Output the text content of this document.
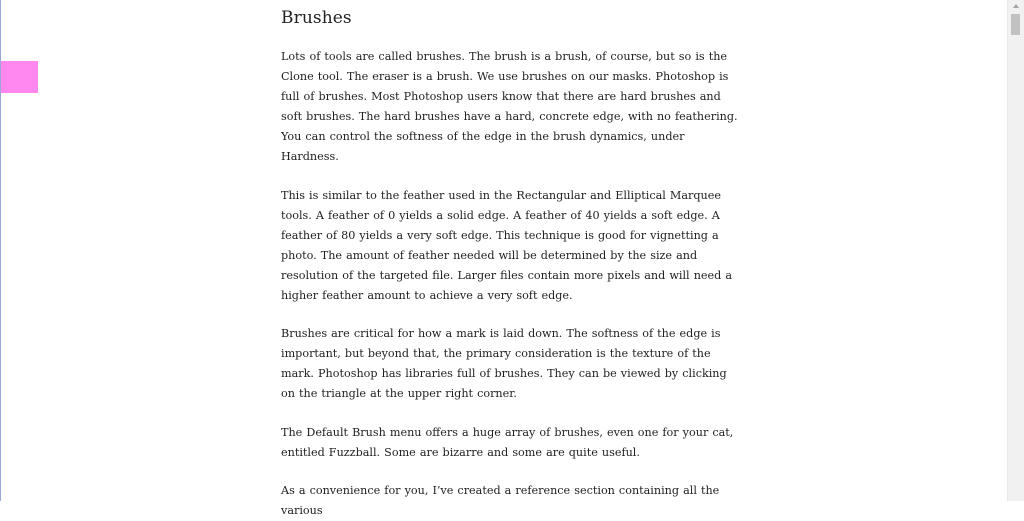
Brushes

Lots of tools are called brushes. The brush is a brush, of course, but so is the Clone tool. The eraser is a brush. We use brushes on our masks. Photoshop is full of brushes. Most Photoshop users know that there are hard brushes and soft brushes. The hard brushes have a hard, concrete edge, with no feathering. You can control the softness of the edge in the brush dynamics, under Hardness.

This is similar to the feather used in the Rectangular and Elliptical Marquee tools. A feather of 0 yields a solid edge. A feather of 40 yields a soft edge. A feather of 80 yields a very soft edge. This technique is good for vignetting a photo. The amount of feather needed will be determined by the size and resolution of the targeted file. Larger files contain more pixels and will need a higher feather amount to achieve a very soft edge.

Brushes are critical for how a mark is laid down. The softness of the edge is important, but beyond that, the primary consideration is the texture of the mark. Photoshop has libraries full of brushes. They can be viewed by clicking on the triangle at the upper right corner.

The Default Brush menu offers a huge array of brushes, even one for your cat, entitled Fuzzball. Some are bizarre and some are quite useful.

As a convenience for you, I’ve created a reference section containing all the various
